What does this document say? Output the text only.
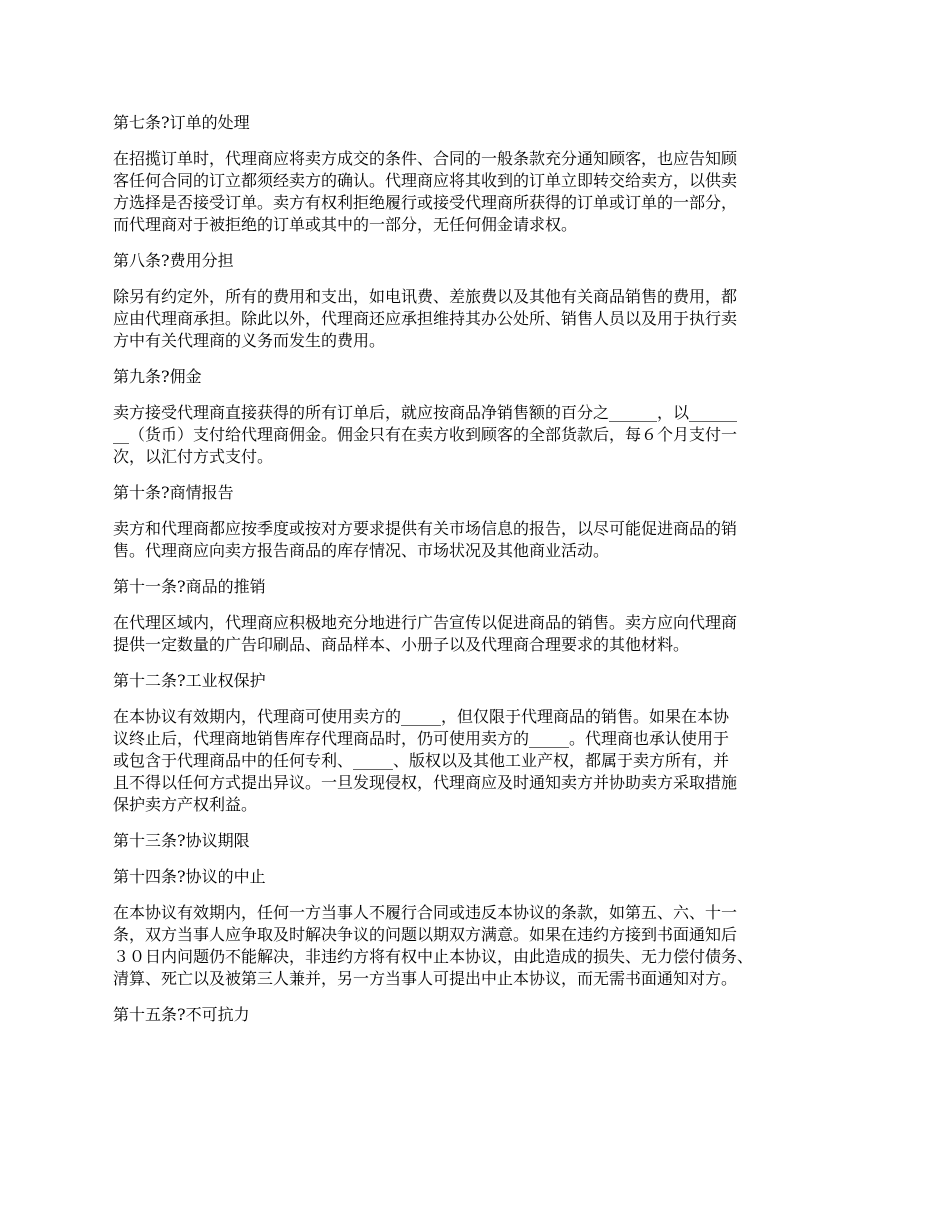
第七条?订单的处理

在招揽订单时，代理商应将卖方成交的条件、合同的一般条款充分通知顾客，也应告知顾

客任何合同的订立都须经卖方的确认。代理商应将其收到的订单立即转交给卖方，以供卖

方选择是否接受订单。卖方有权利拒绝履行或接受代理商所获得的订单或订单的一部分，

而代理商对于被拒绝的订单或其中的一部分，无任何佣金请求权。

第八条?费用分担

除另有约定外，所有的费用和支出，如电讯费、差旅费以及其他有关商品销售的费用，都

应由代理商承担。除此以外，代理商还应承担维持其办公处所、销售人员以及用于执行卖

方中有关代理商的义务而发生的费用。

第九条?佣金

卖方接受代理商直接获得的所有订单后，就应按商品净销售额的百分之______，以______

__（货币）支付给代理商佣金。佣金只有在卖方收到顾客的全部货款后，每６个月支付一

次，以汇付方式支付。

第十条?商情报告

卖方和代理商都应按季度或按对方要求提供有关市场信息的报告，以尽可能促进商品的销

售。代理商应向卖方报告商品的库存情况、市场状况及其他商业活动。

第十一条?商品的推销

在代理区域内，代理商应积极地充分地进行广告宣传以促进商品的销售。卖方应向代理商

提供一定数量的广告印刷品、商品样本、小册子以及代理商合理要求的其他材料。

第十二条?工业权保护

在本协议有效期内，代理商可使用卖方的_____，但仅限于代理商品的销售。如果在本协

议终止后，代理商地销售库存代理商品时，仍可使用卖方的_____。代理商也承认使用于

或包含于代理商品中的任何专利、_____、版权以及其他工业产权，都属于卖方所有，并

且不得以任何方式提出异议。一旦发现侵权，代理商应及时通知卖方并协助卖方采取措施

保护卖方产权利益。

第十三条?协议期限

第十四条?协议的中止

在本协议有效期内，任何一方当事人不履行合同或违反本协议的条款，如第五、六、十一

条，双方当事人应争取及时解决争议的问题以期双方满意。如果在违约方接到书面通知后

３０日内问题仍不能解决，非违约方将有权中止本协议，由此造成的损失、无力偿付债务、

清算、死亡以及被第三人兼并，另一方当事人可提出中止本协议，而无需书面通知对方。

第十五条?不可抗力
